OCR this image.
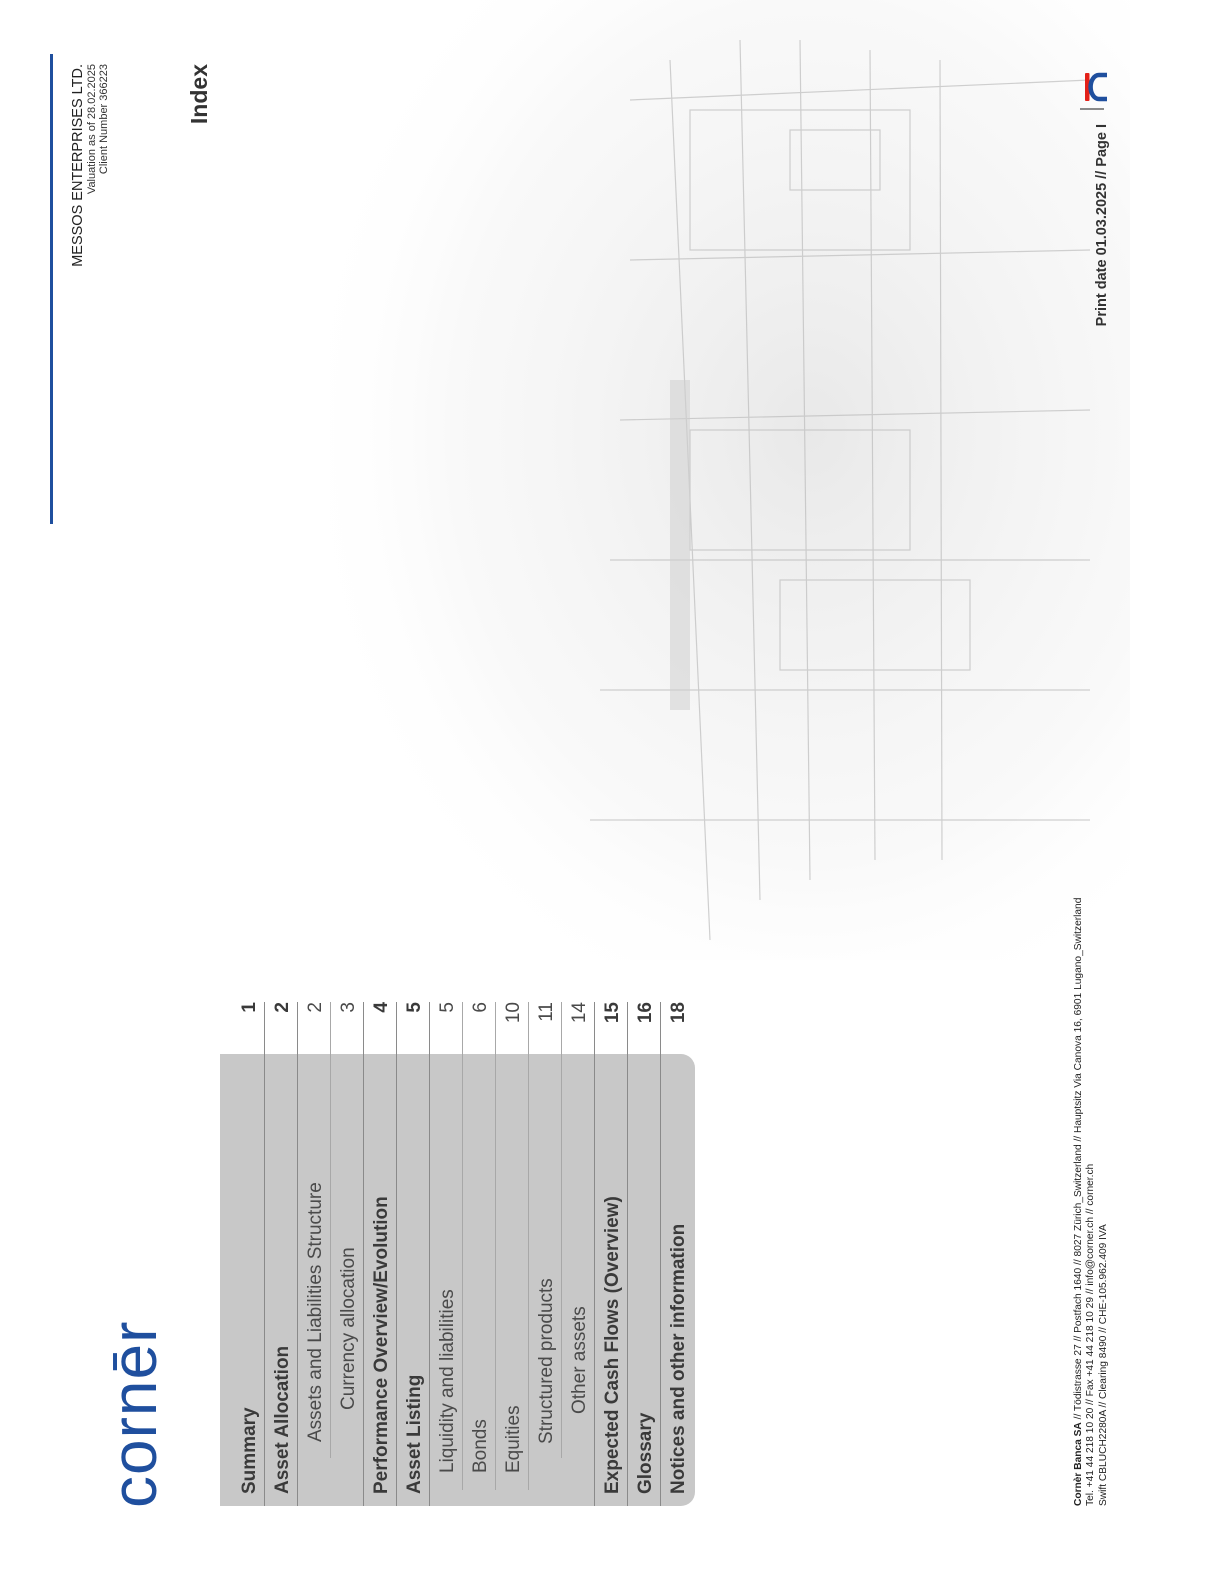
cornēr
MESSOS ENTERPRISES LTD. Valuation as of 28.02.2025 Client Number 366223	Index
Summary
1
Asset Allocation
2
Assets and Liabilities Structure
2
Currency allocation
3
Performance Overview/Evolution
4
Asset Listing
5
Liquidity and liabilities
5
Bonds
6
Equities
10
Structured products
11
Other assets
14
Expected Cash Flows (Overview)
15
Glossary
16
Notices and other information
18
Cornèr Banca SA // Tödistrasse 27 // Postfach 1640 // 8027 Zürich_Switzerland // Hauptsitz Via Canova 16, 6901 Lugano_Switzerland Tel. +41 44 218 10 20 // Fax +41 44 218 10 29 // info@corner.ch // corner.ch Swift CBLUCH2280A // Clearing 8490 // CHE-105.962.409 IVA
Print date 01.03.2025 // Page I
